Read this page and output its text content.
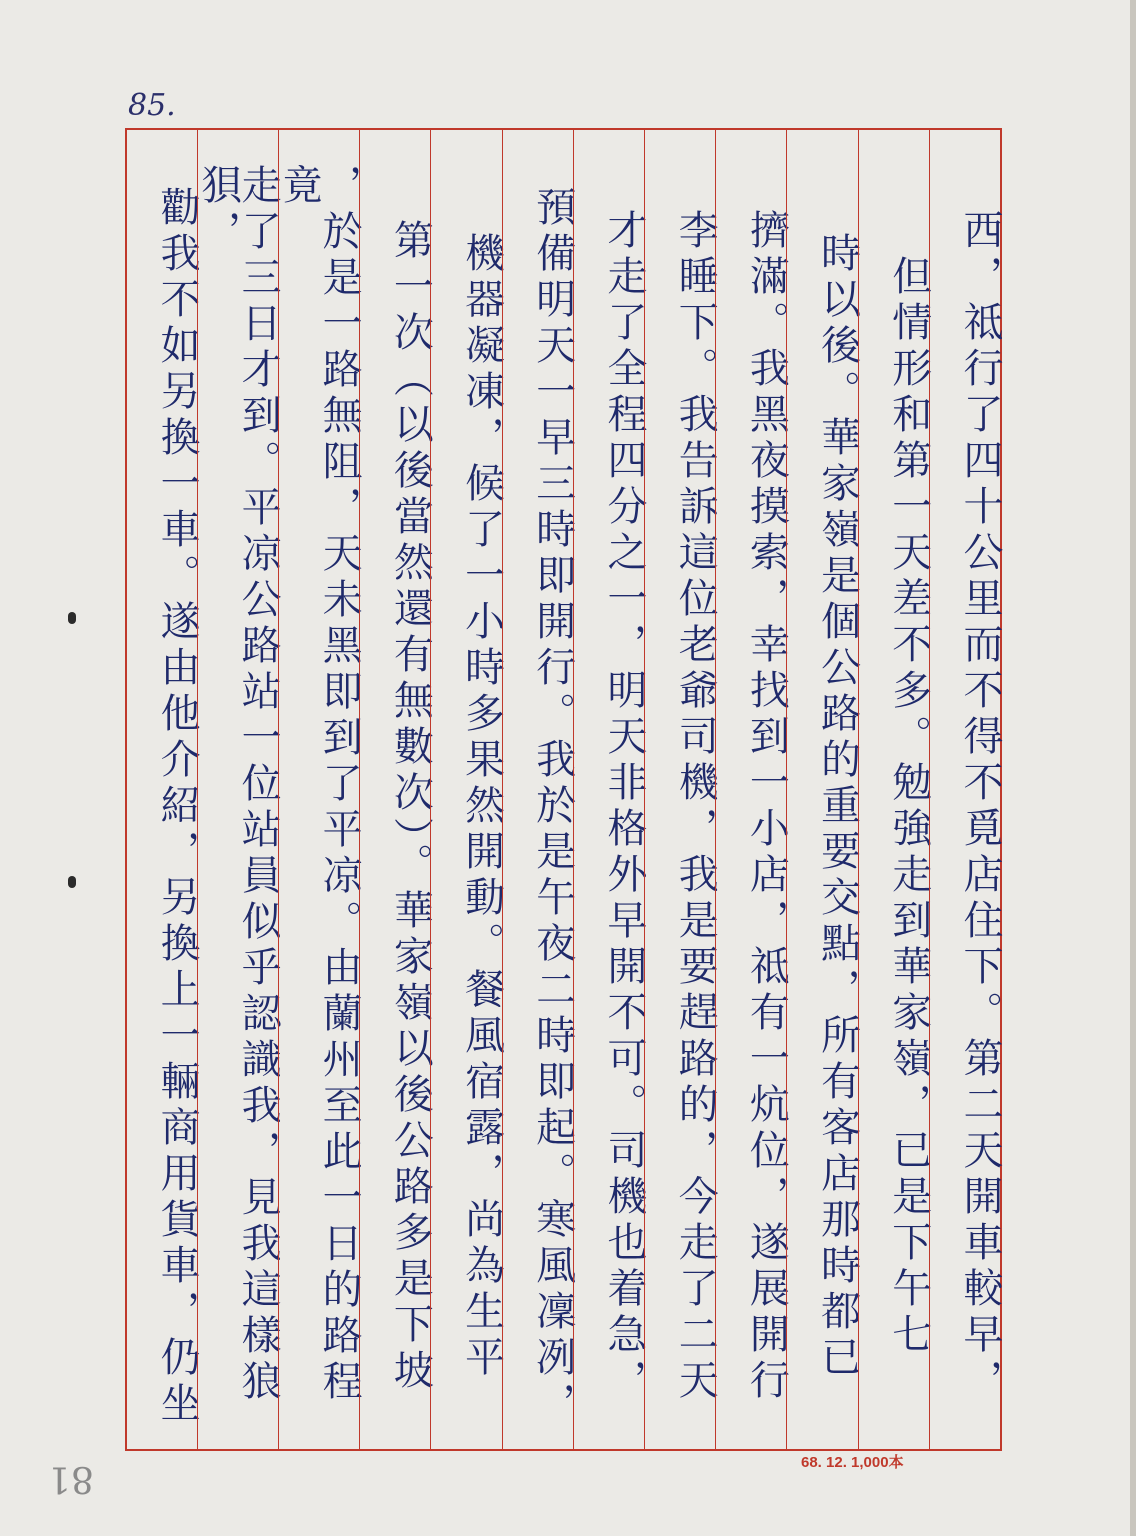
85.
西，祗行了四十公里而不得不覓店住下。第二天開車較早，
但情形和第一天差不多。勉強走到華家嶺，已是下午七
時以後。華家嶺是個公路的重要交點，所有客店那時都已
擠滿。我黑夜摸索，幸找到一小店，祗有一炕位，遂展開行
李睡下。我告訴這位老爺司機，我是要趕路的，今走了二天
才走了全程四分之一，明天非格外早開不可。司機也着急，
預備明天一早三時即開行。我於是午夜二時即起。寒風凜冽，
機器凝凍，候了一小時多果然開動。餐風宿露，尚為生平
第一次（以後當然還有無數次）。華家嶺以後公路多是下坡
，於是一路無阻，天未黑即到了平凉。由蘭州至此一日的路程竟
走了三日才到。平凉公路站一位站員似乎認識我，見我這樣狼狽，
勸我不如另換一車。遂由他介紹，另換上一輛商用貨車，仍坐
68. 12. 1,000本
81
